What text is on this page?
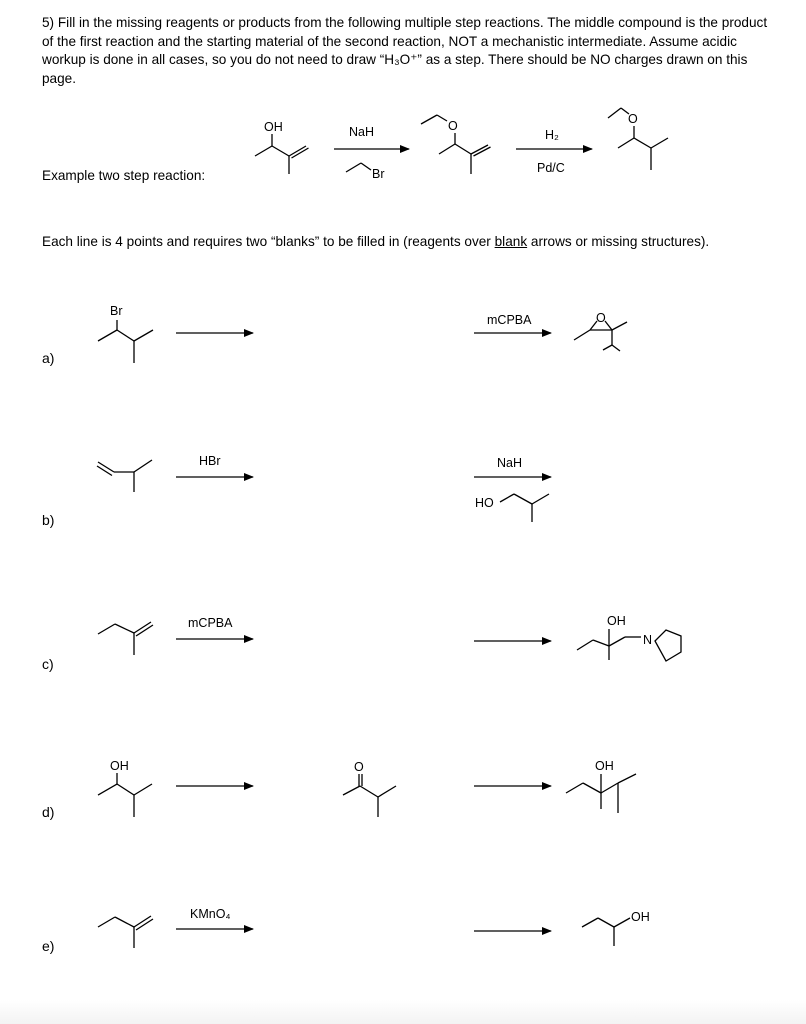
5) Fill in the missing reagents or products from the following multiple step reactions. The middle compound is the product of the first reaction and the starting material of the second reaction, NOT a mechanistic intermediate. Assume acidic workup is done in all cases, so you do not need to draw “H₃O⁺” as a step. There should be NO charges drawn on this page.
Example two step reaction:
Each line is 4 points and requires two “blanks” to be filled in (reagents over blank arrows or missing structures).
a)
b)
c)
d)
e)
OH	NaH
Br
O
H₂
Pd/C
O
Br
mCPBA	O
HBr	NaH
HO
mCPBA	OH
N
OH	O	OH
KMnO₄	OH
